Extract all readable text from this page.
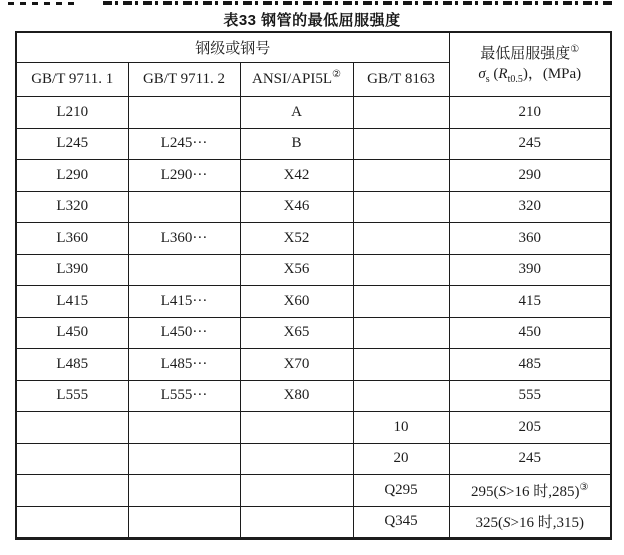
表33 钢管的最低屈服强度
钢级或钢号				最低屈服强度①
$\sigma_s$ $(R_{t0.5})$，(MPa)

GB/T 9711. 1	GB/T 9711. 2	ANSI/API5L②	GB/T 8163	
L210		A		210
L245	L245···	B		245
L290	L290···	X42		290
L320		X46		320
L360	L360···	X52		360
L390		X56		390
L415	L415···	X60		415
L450	L450···	X65		450
L485	L485···	X70		485
L555	L555···	X80		555
			10	205
			20	245
			Q295	295(S>16 时,285)③
			Q345	325(S>16 时,315)
